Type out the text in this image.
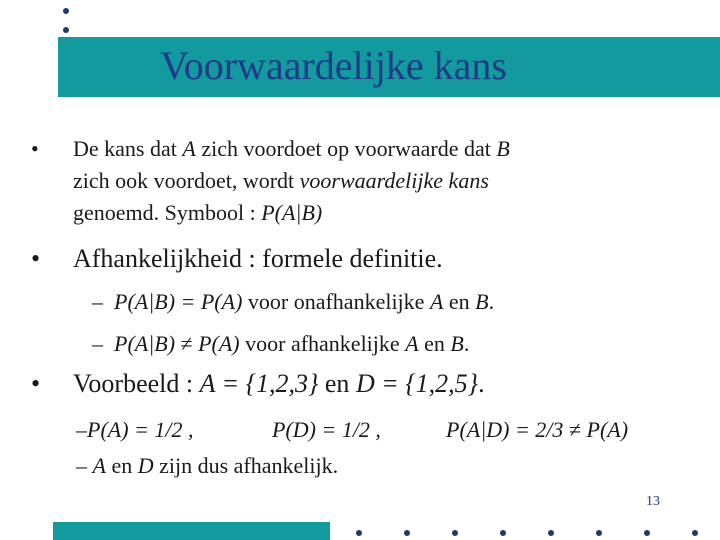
Voorwaardelijke kans
• De kans dat A zich voordoet op voorwaarde dat B
zich ook voordoet, wordt voorwaardelijke kans
genoemd. Symbool : P(A|B)
• Afhankelijkheid : formele definitie.
– P(A|B) = P(A) voor onafhankelijke A en B.
– P(A|B) ≠ P(A) voor afhankelijke A en B.
• Voorbeeld : A = {1,2,3} en D = {1,2,5}.
–P(A) = 1/2 ,	P(D) = 1/2 ,	P(A|D) = 2/3 ≠ P(A)
– A en D zijn dus afhankelijk.
13
